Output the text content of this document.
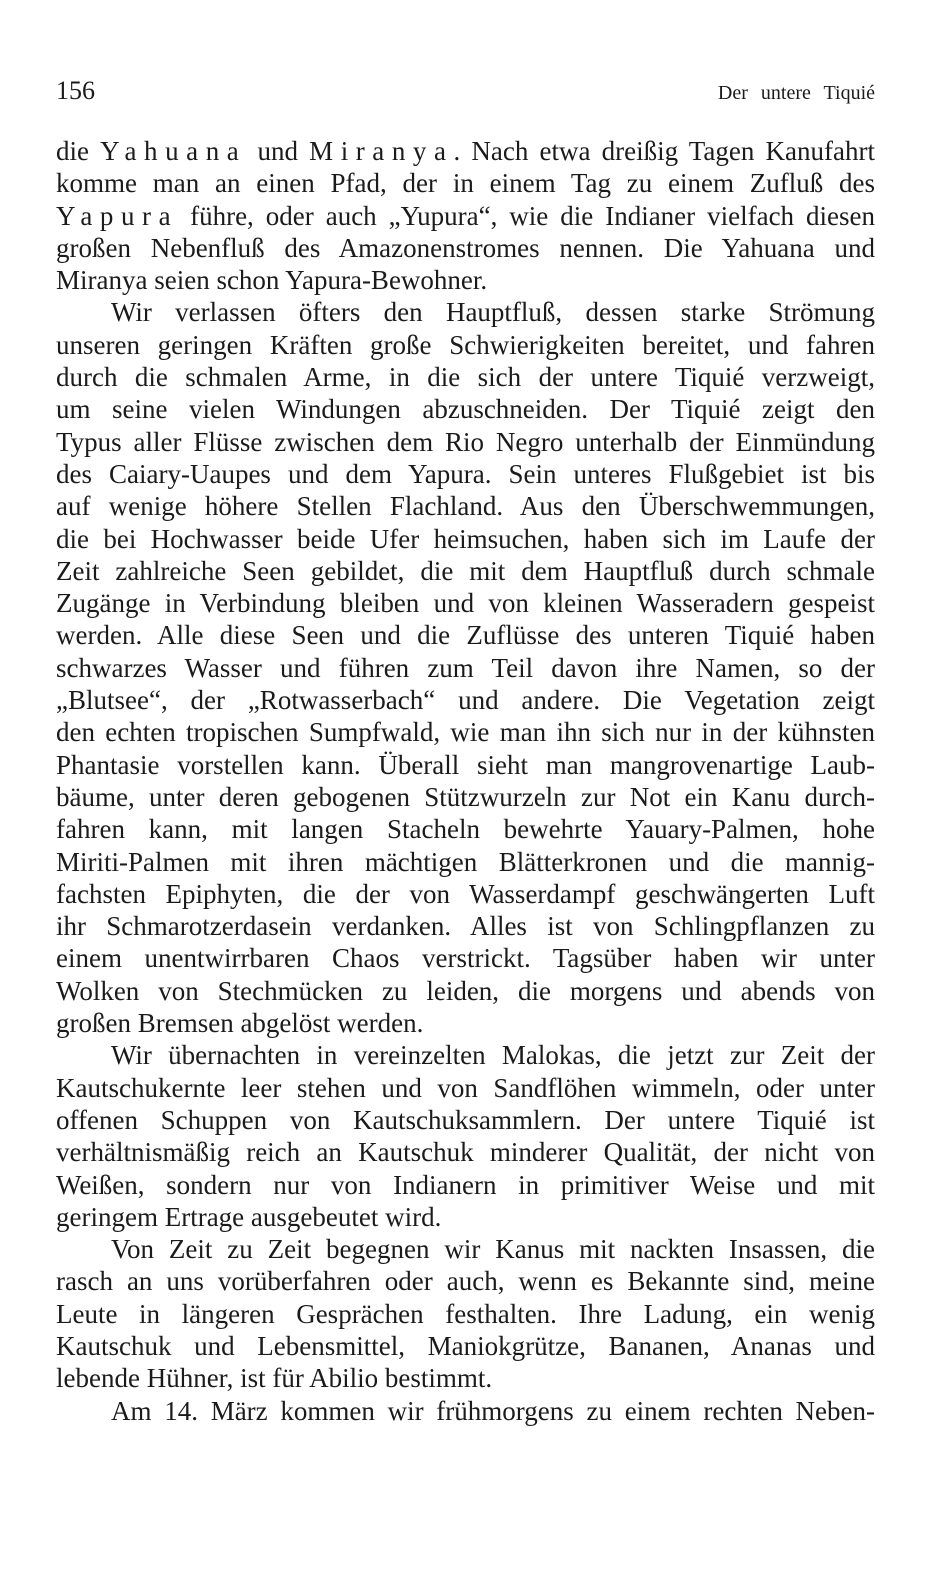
156	Der untere Tiquié

die Yahuana und Miranya. Nach etwa dreißig Tagen Kanufahrt
komme man an einen Pfad, der in einem Tag zu einem Zufluß des
Yapura führe, oder auch „Yupura“, wie die Indianer vielfach diesen
großen Nebenfluß des Amazonenstromes nennen. Die Yahuana und
Miranya seien schon Yapura-Bewohner.

Wir verlassen öfters den Hauptfluß, dessen starke Strömung
unseren geringen Kräften große Schwierigkeiten bereitet, und fahren
durch die schmalen Arme, in die sich der untere Tiquié verzweigt,
um seine vielen Windungen abzuschneiden. Der Tiquié zeigt den
Typus aller Flüsse zwischen dem Rio Negro unterhalb der Einmündung
des Caiary-Uaupes und dem Yapura. Sein unteres Flußgebiet ist bis
auf wenige höhere Stellen Flachland. Aus den Überschwemmungen,
die bei Hochwasser beide Ufer heimsuchen, haben sich im Laufe der
Zeit zahlreiche Seen gebildet, die mit dem Hauptfluß durch schmale
Zugänge in Verbindung bleiben und von kleinen Wasseradern gespeist
werden. Alle diese Seen und die Zuflüsse des unteren Tiquié haben
schwarzes Wasser und führen zum Teil davon ihre Namen, so der
„Blutsee“, der „Rotwasserbach“ und andere. Die Vegetation zeigt
den echten tropischen Sumpfwald, wie man ihn sich nur in der kühnsten
Phantasie vorstellen kann. Überall sieht man mangrovenartige Laub-
bäume, unter deren gebogenen Stützwurzeln zur Not ein Kanu durch-
fahren kann, mit langen Stacheln bewehrte Yauary-Palmen, hohe
Miriti-Palmen mit ihren mächtigen Blätterkronen und die mannig-
fachsten Epiphyten, die der von Wasserdampf geschwängerten Luft
ihr Schmarotzerdasein verdanken. Alles ist von Schlingpflanzen zu
einem unentwirrbaren Chaos verstrickt. Tagsüber haben wir unter
Wolken von Stechmücken zu leiden, die morgens und abends von
großen Bremsen abgelöst werden.

Wir übernachten in vereinzelten Malokas, die jetzt zur Zeit der
Kautschukernte leer stehen und von Sandflöhen wimmeln, oder unter
offenen Schuppen von Kautschuksammlern. Der untere Tiquié ist
verhältnismäßig reich an Kautschuk minderer Qualität, der nicht von
Weißen, sondern nur von Indianern in primitiver Weise und mit
geringem Ertrage ausgebeutet wird.

Von Zeit zu Zeit begegnen wir Kanus mit nackten Insassen, die
rasch an uns vorüberfahren oder auch, wenn es Bekannte sind, meine
Leute in längeren Gesprächen festhalten. Ihre Ladung, ein wenig
Kautschuk und Lebensmittel, Maniokgrütze, Bananen, Ananas und
lebende Hühner, ist für Abilio bestimmt.

Am 14. März kommen wir frühmorgens zu einem rechten Neben-
